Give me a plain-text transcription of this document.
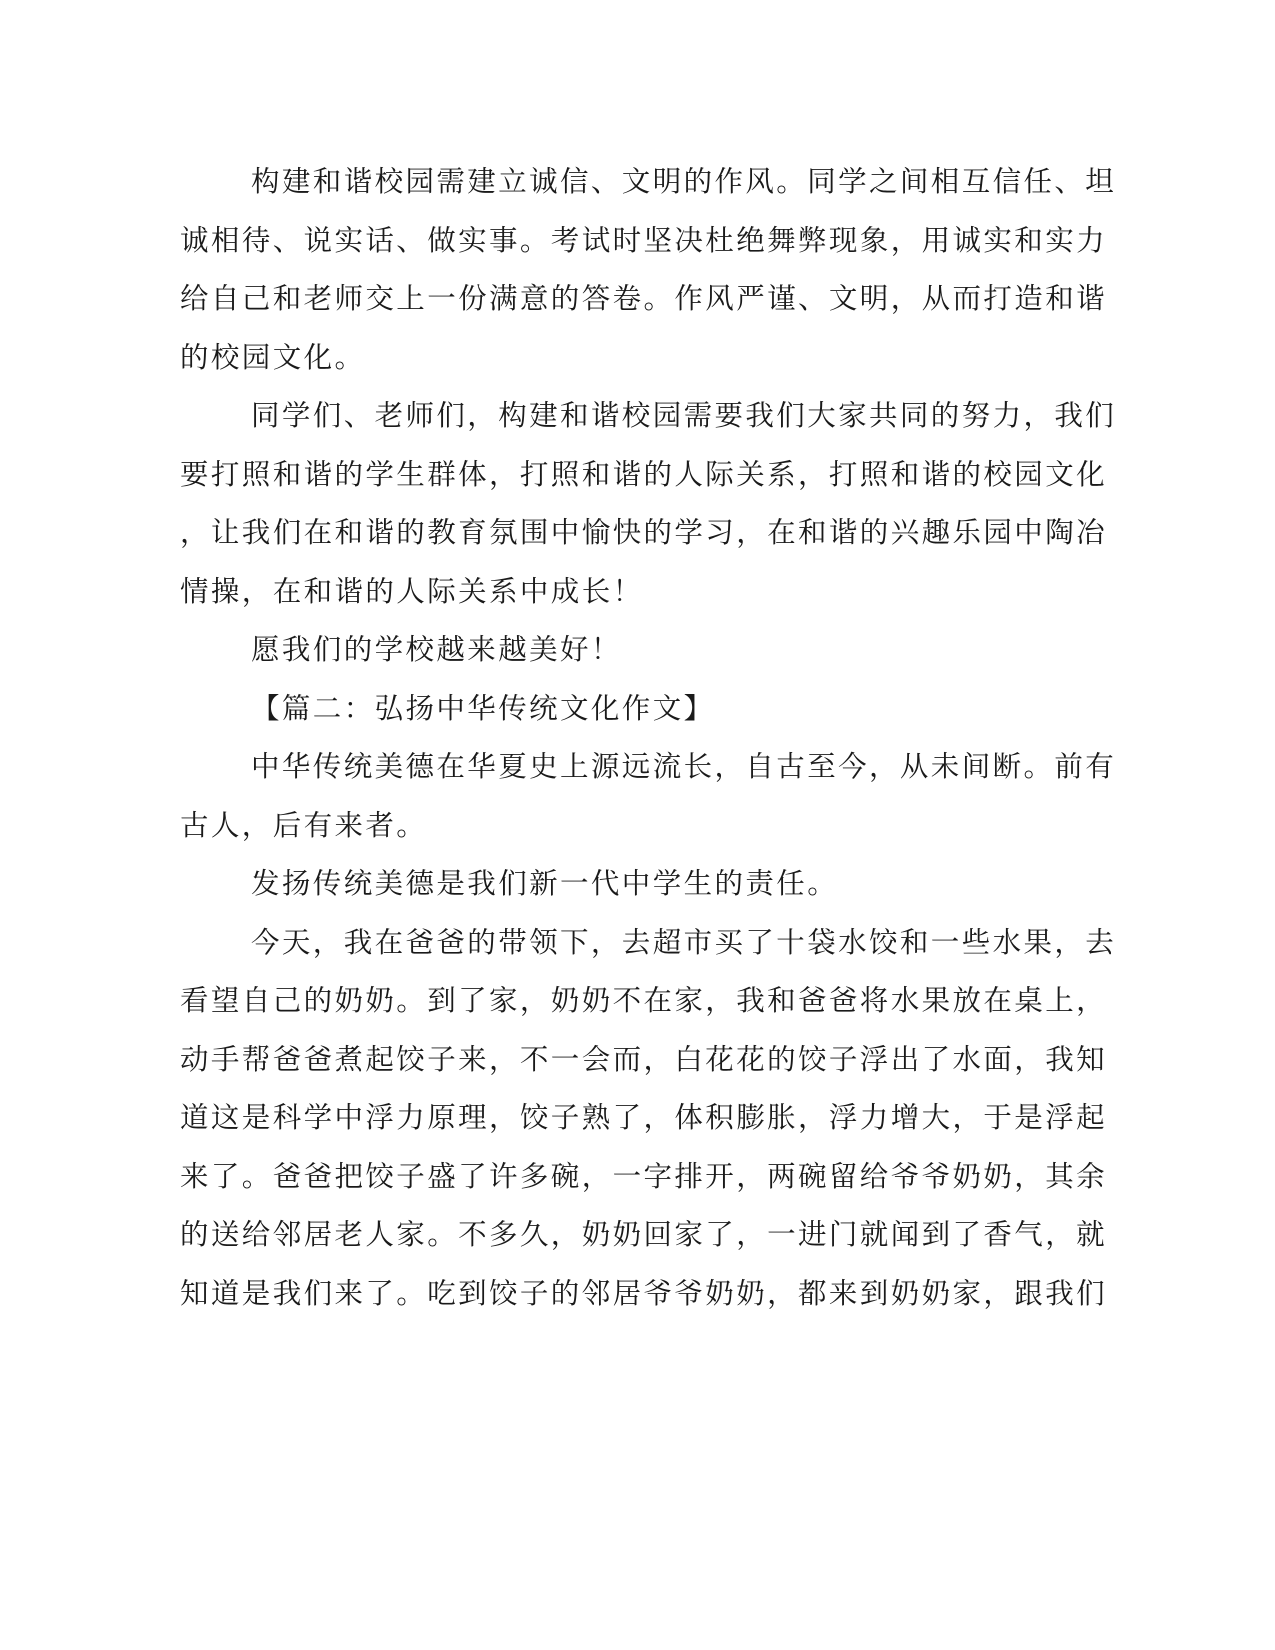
构建和谐校园需建立诚信、文明的作风。同学之间相互信任、坦
诚相待、说实话、做实事。考试时坚决杜绝舞弊现象，用诚实和实力
给自己和老师交上一份满意的答卷。作风严谨、文明，从而打造和谐
的校园文化。
同学们、老师们，构建和谐校园需要我们大家共同的努力，我们
要打照和谐的学生群体，打照和谐的人际关系，打照和谐的校园文化
，让我们在和谐的教育氛围中愉快的学习，在和谐的兴趣乐园中陶冶
情操，在和谐的人际关系中成长！
愿我们的学校越来越美好！
【篇二：弘扬中华传统文化作文】
中华传统美德在华夏史上源远流长，自古至今，从未间断。前有
古人，后有来者。
发扬传统美德是我们新一代中学生的责任。
今天，我在爸爸的带领下，去超市买了十袋水饺和一些水果，去
看望自己的奶奶。到了家，奶奶不在家，我和爸爸将水果放在桌上，
动手帮爸爸煮起饺子来，不一会而，白花花的饺子浮出了水面，我知
道这是科学中浮力原理，饺子熟了，体积膨胀，浮力增大，于是浮起
来了。爸爸把饺子盛了许多碗，一字排开，两碗留给爷爷奶奶，其余
的送给邻居老人家。不多久，奶奶回家了，一进门就闻到了香气，就
知道是我们来了。吃到饺子的邻居爷爷奶奶，都来到奶奶家，跟我们
